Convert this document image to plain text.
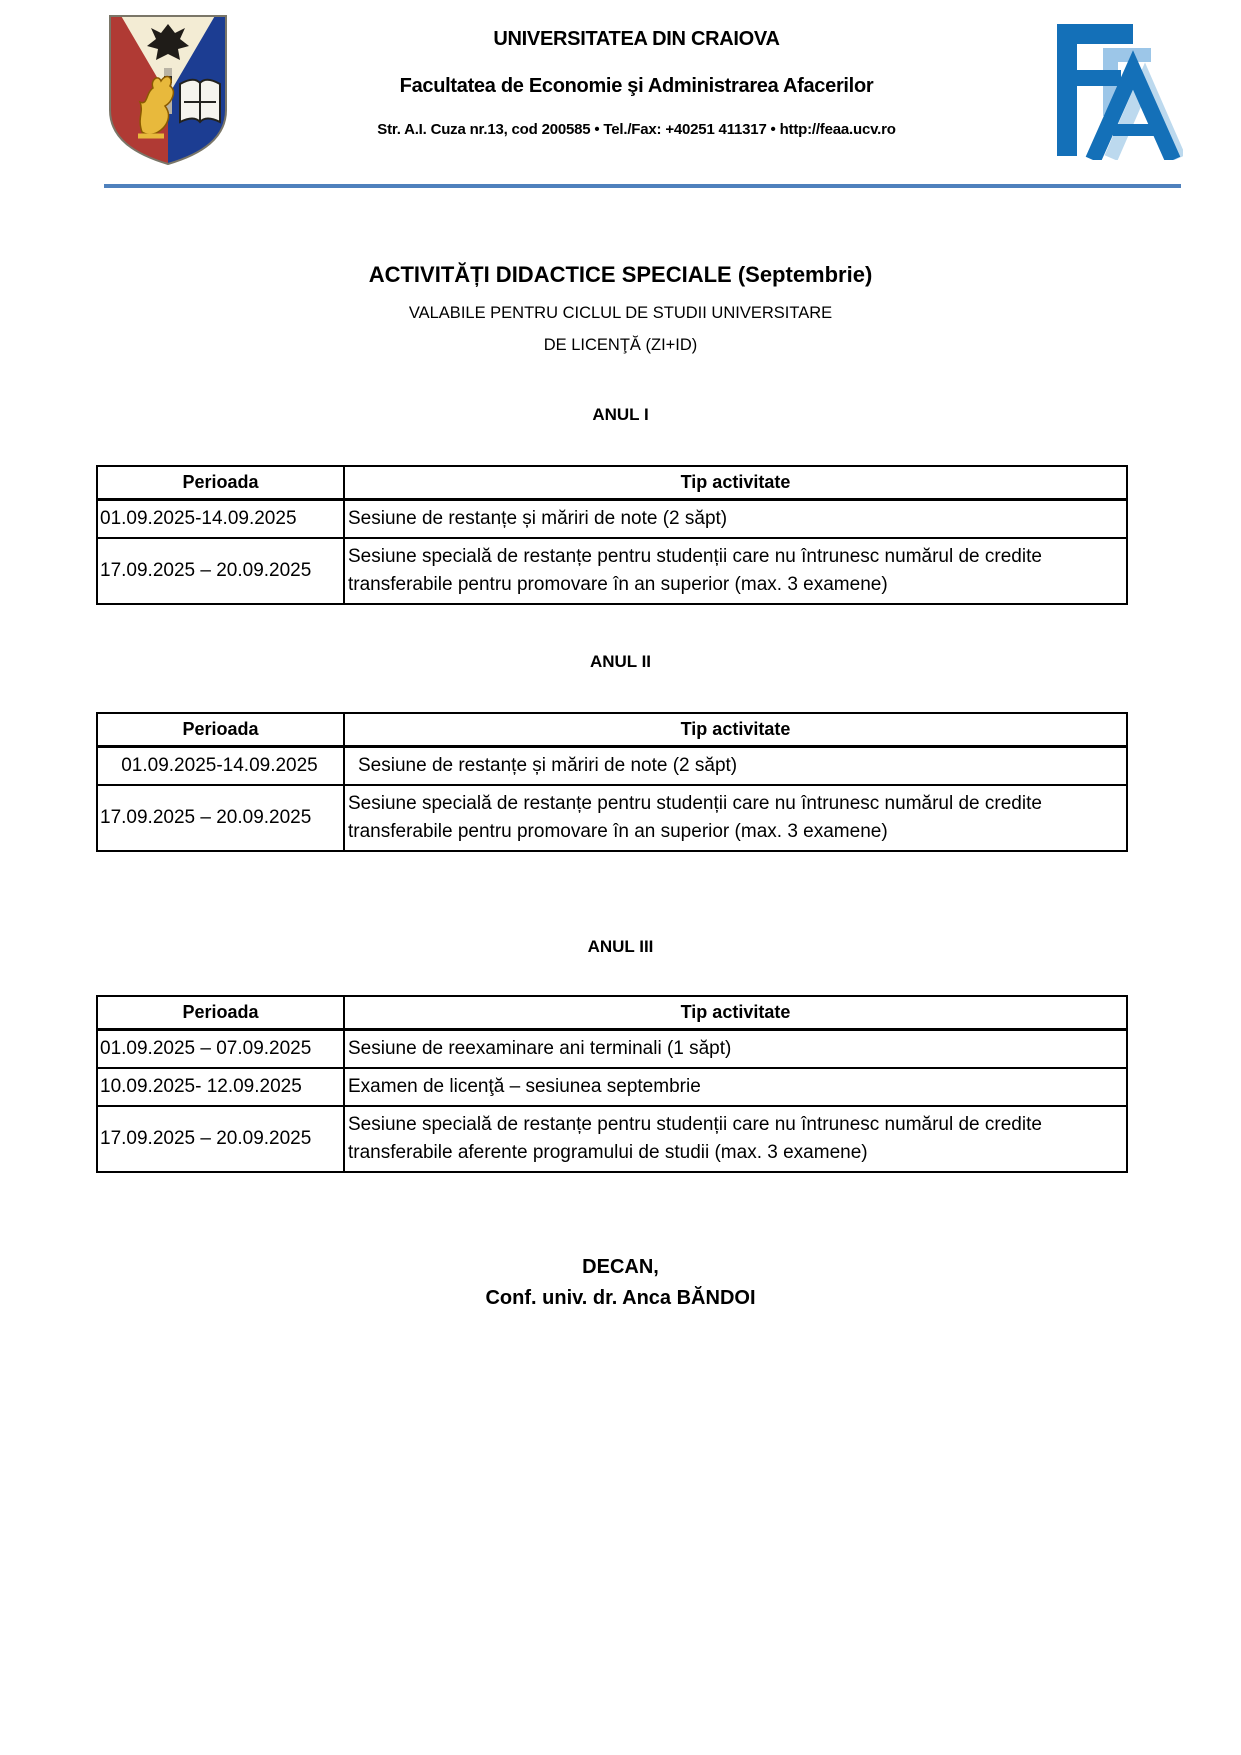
UNIVERSITATEA DIN CRAIOVA
Facultatea de Economie şi Administrarea Afacerilor
Str. A.I. Cuza nr.13, cod 200585 • Tel./Fax: +40251 411317 • http://feaa.ucv.ro
ACTIVITĂȚI DIDACTICE SPECIALE (Septembrie)
VALABILE PENTRU CICLUL DE STUDII UNIVERSITARE
DE LICENŢĂ (ZI+ID)
ANUL I
Perioada	Tip activitate
01.09.2025-14.09.2025	Sesiune de restanțe și măriri de note (2 săpt)
17.09.2025 – 20.09.2025	Sesiune specială de restanțe pentru studenții care nu întrunesc numărul de credite transferabile pentru promovare în an superior (max. 3 examene)
ANUL II
Perioada	Tip activitate
01.09.2025-14.09.2025	Sesiune de restanțe și măriri de note (2 săpt)
17.09.2025 – 20.09.2025	Sesiune specială de restanțe pentru studenții care nu întrunesc numărul de credite transferabile pentru promovare în an superior (max. 3 examene)
ANUL III
Perioada	Tip activitate
01.09.2025 – 07.09.2025	Sesiune de reexaminare ani terminali (1 săpt)
10.09.2025- 12.09.2025	Examen de licenţă – sesiunea septembrie
17.09.2025 – 20.09.2025	Sesiune specială de restanțe pentru studenții care nu întrunesc numărul de credite transferabile aferente programului de studii (max. 3 examene)
DECAN,
Conf. univ. dr. Anca BĂNDOI
